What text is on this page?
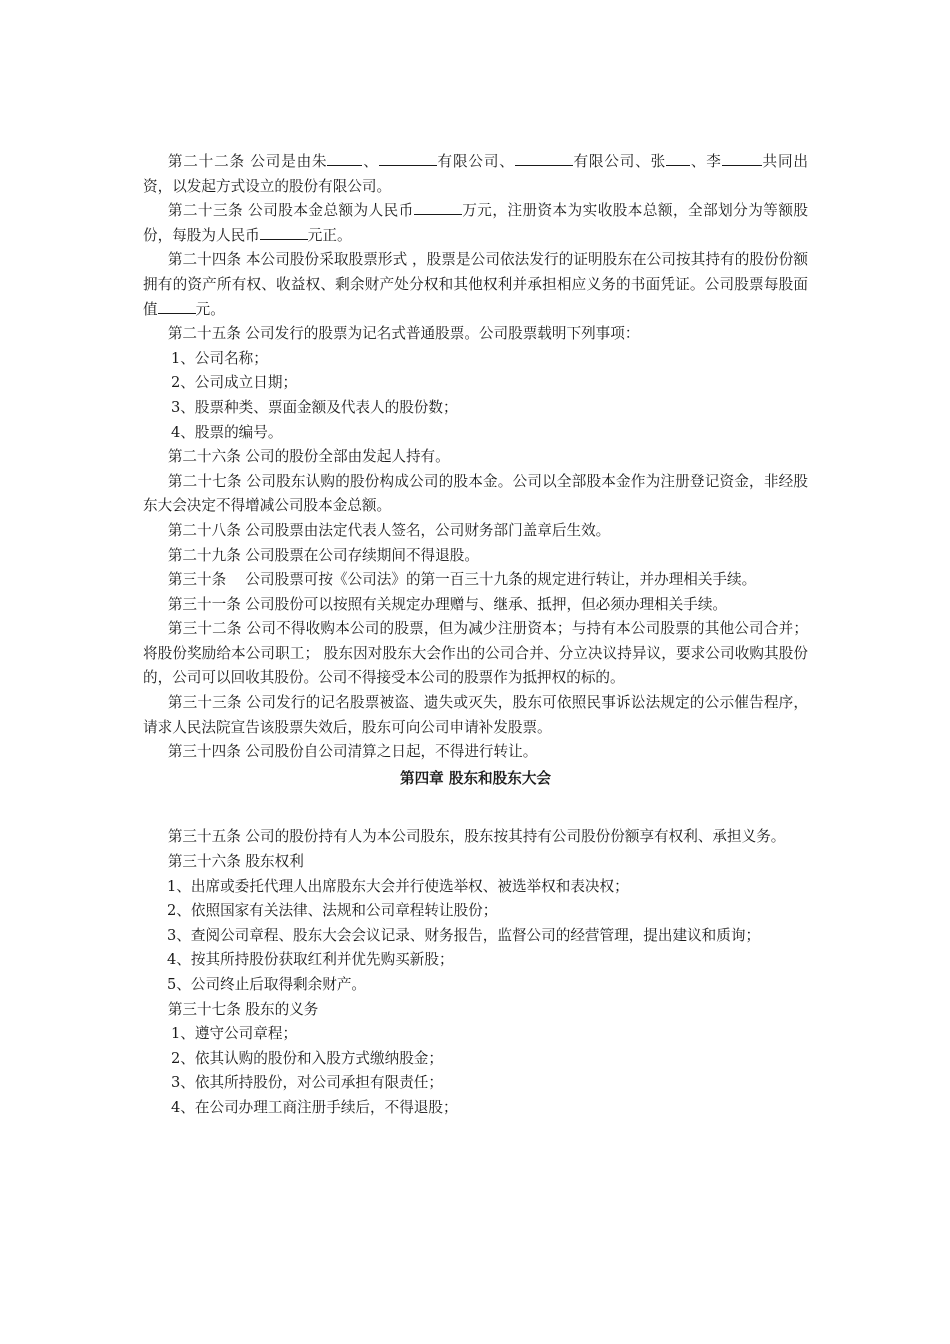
第二十二条 公司是由朱 、	有限公司、	有限公司、张 、李	共同出资，以发起方式设立的股份有限公司。

第二十三条 公司股本金总额为人民币	万元，注册资本为实收股本总额，全部划分为等额股份，每股为人民币	元正。

第二十四条 本公司股份采取股票形式 ，股票是公司依法发行的证明股东在公司按其持有的股份份额拥有的资产所有权、收益权、剩余财产处分权和其他权利并承担相应义务的书面凭证。公司股票每股面值	元。

第二十五条 公司发行的股票为记名式普通股票。公司股票载明下列事项：

1、公司名称；

2、公司成立日期；

3、股票种类、票面金额及代表人的股份数；

4、股票的编号。

第二十六条 公司的股份全部由发起人持有。

第二十七条 公司股东认购的股份构成公司的股本金。公司以全部股本金作为注册登记资金，非经股东大会决定不得增减公司股本金总额。

第二十八条 公司股票由法定代表人签名，公司财务部门盖章后生效。

第二十九条 公司股票在公司存续期间不得退股。

第三十条　 公司股票可按《公司法》的第一百三十九条的规定进行转让，并办理相关手续。

第三十一条 公司股份可以按照有关规定办理赠与、继承、抵押，但必须办理相关手续。

第三十二条 公司不得收购本公司的股票，但为减少注册资本；与持有本公司股票的其他公司合并；将股份奖励给本公司职工； 股东因对股东大会作出的公司合并、分立决议持异议，要求公司收购其股份的，公司可以回收其股份。公司不得接受本公司的股票作为抵押权的标的。

第三十三条 公司发行的记名股票被盗、遗失或灭失，股东可依照民事诉讼法规定的公示催告程序，请求人民法院宣告该股票失效后，股东可向公司申请补发股票。

第三十四条 公司股份自公司清算之日起，不得进行转让。

第四章 股东和股东大会

第三十五条 公司的股份持有人为本公司股东，股东按其持有公司股份份额享有权利、承担义务。

第三十六条 股东权利

1、出席或委托代理人出席股东大会并行使选举权、被选举权和表决权；

2、依照国家有关法律、法规和公司章程转让股份；

3、查阅公司章程、股东大会会议记录、财务报告，监督公司的经营管理，提出建议和质询；

4、按其所持股份获取红利并优先购买新股；

5、公司终止后取得剩余财产。

第三十七条 股东的义务

1、遵守公司章程；

2、依其认购的股份和入股方式缴纳股金；

3、依其所持股份，对公司承担有限责任；

4、在公司办理工商注册手续后，不得退股；
